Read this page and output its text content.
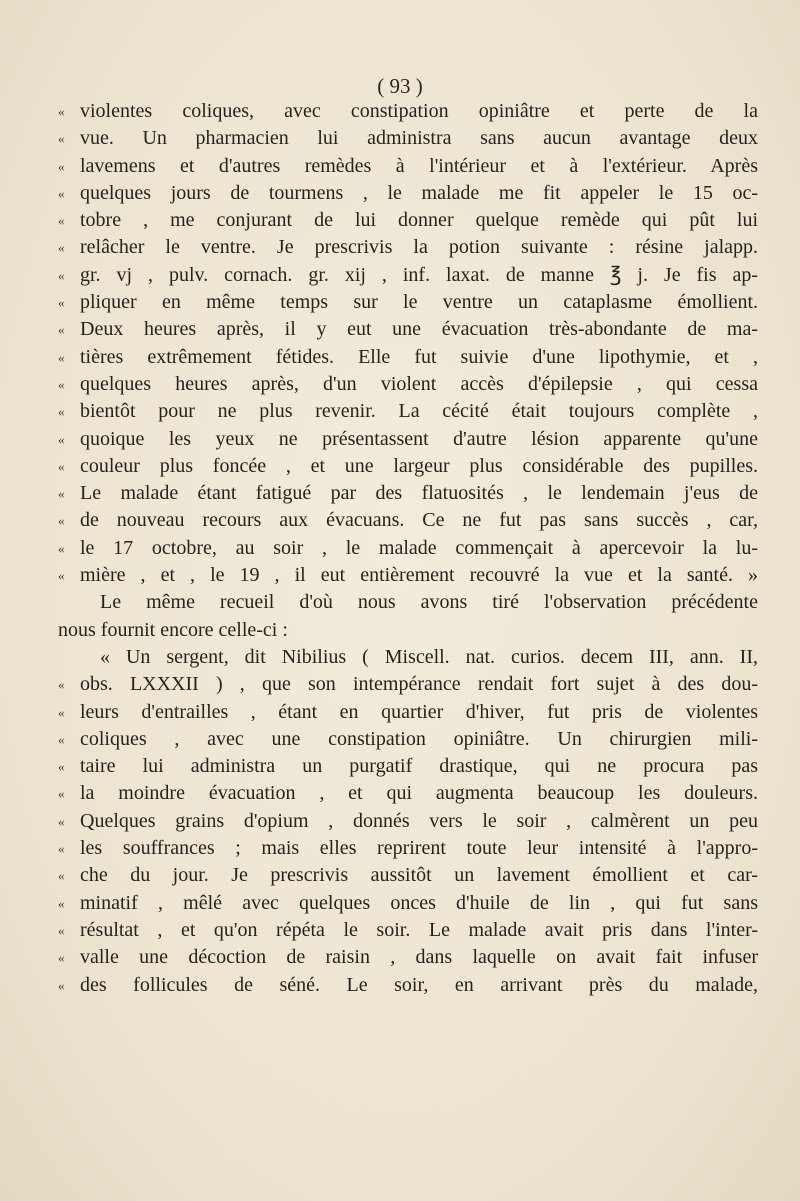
( 93 )
« violentes coliques, avec constipation opiniâtre et perte de la
« vue. Un pharmacien lui administra sans aucun avantage deux
« lavemens et d'autres remèdes à l'intérieur et à l'extérieur. Après
« quelques jours de tourmens , le malade me fit appeler le 15 oc-
« tobre , me conjurant de lui donner quelque remède qui pût lui
« relâcher le ventre. Je prescrivis la potion suivante : résine jalapp.
« gr. vj , pulv. cornach. gr. xij , inf. laxat. de manne ℥ j. Je fis ap-
« pliquer en même temps sur le ventre un cataplasme émollient.
« Deux heures après, il y eut une évacuation très-abondante de ma-
« tières extrêmement fétides. Elle fut suivie d'une lipothymie, et ,
« quelques heures après, d'un violent accès d'épilepsie , qui cessa
« bientôt pour ne plus revenir. La cécité était toujours complète ,
« quoique les yeux ne présentassent d'autre lésion apparente qu'une
« couleur plus foncée , et une largeur plus considérable des pupilles.
« Le malade étant fatigué par des flatuosités , le lendemain j'eus de
« de nouveau recours aux évacuans. Ce ne fut pas sans succès , car,
« le 17 octobre, au soir , le malade commençait à apercevoir la lu-
« mière , et , le 19 , il eut entièrement recouvré la vue et la santé. »
Le même recueil d'où nous avons tiré l'observation précédente
nous fournit encore celle-ci :
« Un sergent, dit Nibilius ( Miscell. nat. curios. decem III, ann. II,
« obs. LXXXII ) , que son intempérance rendait fort sujet à des dou-
« leurs d'entrailles , étant en quartier d'hiver, fut pris de violentes
« coliques , avec une constipation opiniâtre. Un chirurgien mili-
« taire lui administra un purgatif drastique, qui ne procura pas
« la moindre évacuation , et qui augmenta beaucoup les douleurs.
« Quelques grains d'opium , donnés vers le soir , calmèrent un peu
« les souffrances ; mais elles reprirent toute leur intensité à l'appro-
« che du jour. Je prescrivis aussitôt un lavement émollient et car-
« minatif , mêlé avec quelques onces d'huile de lin , qui fut sans
« résultat , et qu'on répéta le soir. Le malade avait pris dans l'inter-
« valle une décoction de raisin , dans laquelle on avait fait infuser
« des follicules de séné. Le soir, en arrivant près du malade,
